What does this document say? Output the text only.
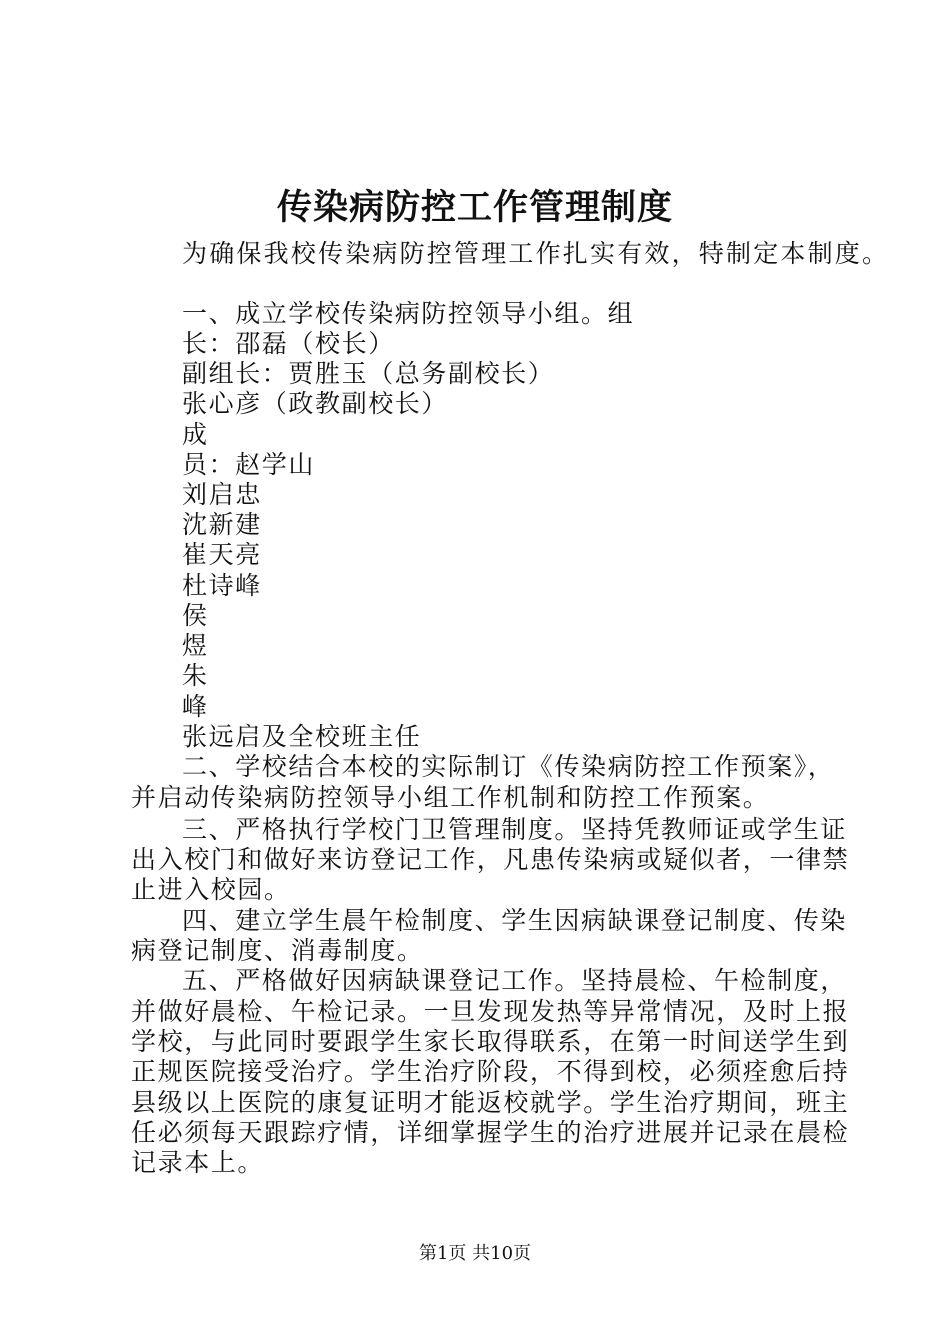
传染病防控工作管理制度

为确保我校传染病防控管理工作扎实有效，特制定本制度。

一、成立学校传染病防控领导小组。组

长：邵磊（校长）

副组长：贾胜玉（总务副校长）

张心彦（政教副校长）

成

员：赵学山

刘启忠

沈新建

崔天亮

杜诗峰

侯

煜

朱

峰

张远启及全校班主任

二、学校结合本校的实际制订《传染病防控工作预案》，

并启动传染病防控领导小组工作机制和防控工作预案。

三、严格执行学校门卫管理制度。坚持凭教师证或学生证

出入校门和做好来访登记工作，凡患传染病或疑似者，一律禁

止进入校园。

四、建立学生晨午检制度、学生因病缺课登记制度、传染

病登记制度、消毒制度。

五、严格做好因病缺课登记工作。坚持晨检、午检制度，

并做好晨检、午检记录。一旦发现发热等异常情况，及时上报

学校，与此同时要跟学生家长取得联系，在第一时间送学生到

正规医院接受治疗。学生治疗阶段，不得到校，必须痊愈后持

县级以上医院的康复证明才能返校就学。学生治疗期间，班主

任必须每天跟踪疗情，详细掌握学生的治疗进展并记录在晨检

记录本上。

第1页 共10页
